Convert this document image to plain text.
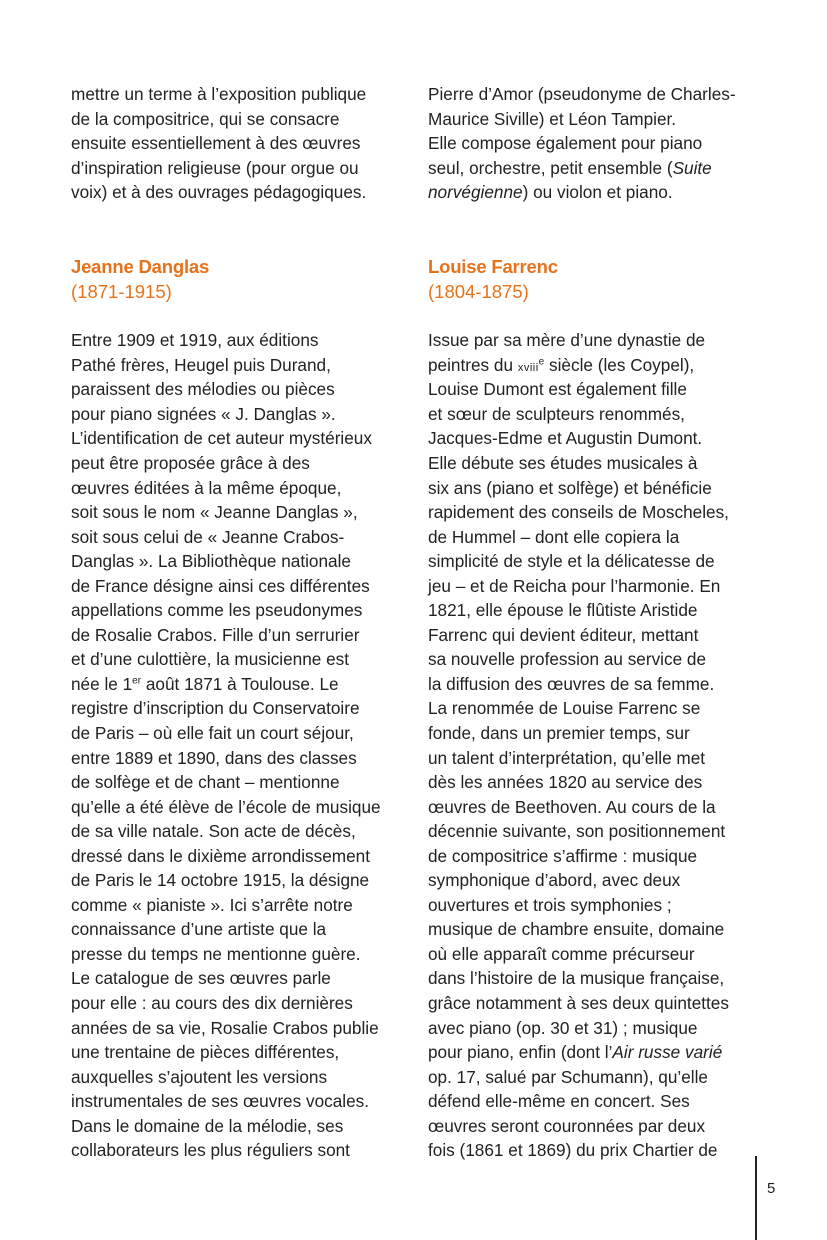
mettre un terme à l’exposition publique
de la compositrice, qui se consacre
ensuite essentiellement à des œuvres
d’inspiration religieuse (pour orgue ou
voix) et à des ouvrages pédagogiques.
Jeanne Danglas
(1871-1915)
Entre 1909 et 1919, aux éditions
Pathé frères, Heugel puis Durand,
paraissent des mélodies ou pièces
pour piano signées « J. Danglas ».
L’identification de cet auteur mystérieux
peut être proposée grâce à des
œuvres éditées à la même époque,
soit sous le nom « Jeanne Danglas »,
soit sous celui de « Jeanne Crabos-
Danglas ». La Bibliothèque nationale
de France désigne ainsi ces différentes
appellations comme les pseudonymes
de Rosalie Crabos. Fille d’un serrurier
et d’une culottière, la musicienne est
née le 1er août 1871 à Toulouse. Le
registre d’inscription du Conservatoire
de Paris – où elle fait un court séjour,
entre 1889 et 1890, dans des classes
de solfège et de chant – mentionne
qu’elle a été élève de l’école de musique
de sa ville natale. Son acte de décès,
dressé dans le dixième arrondissement
de Paris le 14 octobre 1915, la désigne
comme « pianiste ». Ici s’arrête notre
connaissance d’une artiste que la
presse du temps ne mentionne guère.
Le catalogue de ses œuvres parle
pour elle : au cours des dix dernières
années de sa vie, Rosalie Crabos publie
une trentaine de pièces différentes,
auxquelles s’ajoutent les versions
instrumentales de ses œuvres vocales.
Dans le domaine de la mélodie, ses
collaborateurs les plus réguliers sont
Pierre d’Amor (pseudonyme de Charles-
Maurice Siville) et Léon Tampier.
Elle compose également pour piano
seul, orchestre, petit ensemble (Suite
norvégienne) ou violon et piano.
Louise Farrenc
(1804-1875)
Issue par sa mère d’une dynastie de
peintres du xviii$^e$ siècle (les Coypel),
Louise Dumont est également fille
et sœur de sculpteurs renommés,
Jacques-Edme et Augustin Dumont.
Elle débute ses études musicales à
six ans (piano et solfège) et bénéficie
rapidement des conseils de Moscheles,
de Hummel – dont elle copiera la
simplicité de style et la délicatesse de
jeu – et de Reicha pour l’harmonie. En
1821, elle épouse le flûtiste Aristide
Farrenc qui devient éditeur, mettant
sa nouvelle profession au service de
la diffusion des œuvres de sa femme.
La renommée de Louise Farrenc se
fonde, dans un premier temps, sur
un talent d’interprétation, qu’elle met
dès les années 1820 au service des
œuvres de Beethoven. Au cours de la
décennie suivante, son positionnement
de compositrice s’affirme : musique
symphonique d’abord, avec deux
ouvertures et trois symphonies ;
musique de chambre ensuite, domaine
où elle apparaît comme précurseur
dans l’histoire de la musique française,
grâce notamment à ses deux quintettes
avec piano (op. 30 et 31) ; musique
pour piano, enfin (dont l’Air russe varié
op. 17, salué par Schumann), qu’elle
défend elle-même en concert. Ses
œuvres seront couronnées par deux
fois (1861 et 1869) du prix Chartier de
5
